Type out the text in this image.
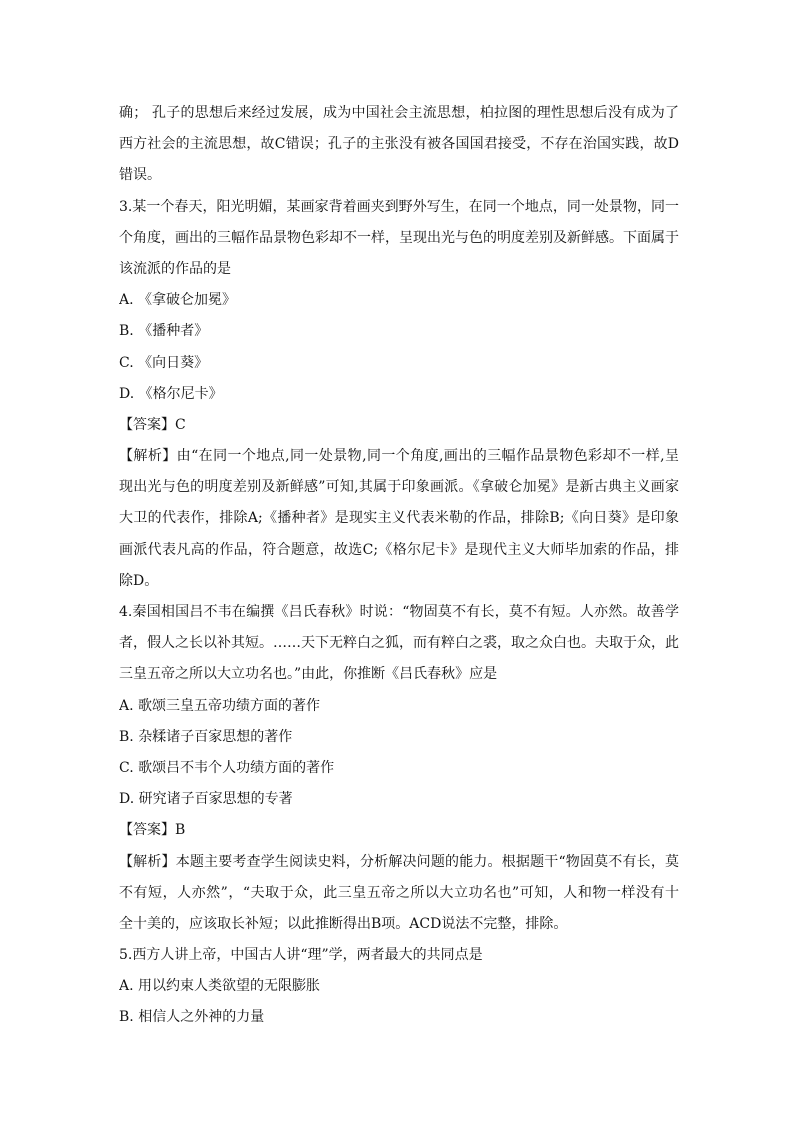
确； 孔子的思想后来经过发展，成为中国社会主流思想，柏拉图的理性思想后没有成为了
西方社会的主流思想，故C错误；孔子的主张没有被各国国君接受，不存在治国实践，故D
错误。
3.某一个春天，阳光明媚，某画家背着画夹到野外写生，在同一个地点，同一处景物，同一
个角度，画出的三幅作品景物色彩却不一样，呈现出光与色的明度差别及新鲜感。下面属于
该流派的作品的是
A. 《拿破仑加冕》
B. 《播种者》
C. 《向日葵》
D. 《格尔尼卡》
【答案】C
【解析】由“在同一个地点,同一处景物,同一个角度,画出的三幅作品景物色彩却不一样,呈
现出光与色的明度差别及新鲜感”可知,其属于印象画派。《拿破仑加冕》是新古典主义画家
大卫的代表作，排除A;《播种者》是现实主义代表米勒的作品，排除B;《向日葵》是印象
画派代表凡高的作品，符合题意，故选C;《格尔尼卡》是现代主义大师毕加索的作品，排
除D。
4.秦国相国吕不韦在编撰《吕氏春秋》时说：“物固莫不有长，莫不有短。人亦然。故善学
者，假人之长以补其短。……天下无粹白之狐，而有粹白之裘，取之众白也。夫取于众，此
三皇五帝之所以大立功名也。”由此，你推断《吕氏春秋》应是
A. 歌颂三皇五帝功绩方面的著作
B. 杂糅诸子百家思想的著作
C. 歌颂吕不韦个人功绩方面的著作
D. 研究诸子百家思想的专著
【答案】B
【解析】本题主要考查学生阅读史料，分析解决问题的能力。根据题干“物固莫不有长，莫
不有短，人亦然”，“夫取于众，此三皇五帝之所以大立功名也”可知，人和物一样没有十
全十美的，应该取长补短；以此推断得出B项。ACD说法不完整，排除。
5.西方人讲上帝，中国古人讲“理”学，两者最大的共同点是
A. 用以约束人类欲望的无限膨胀
B. 相信人之外神的力量
